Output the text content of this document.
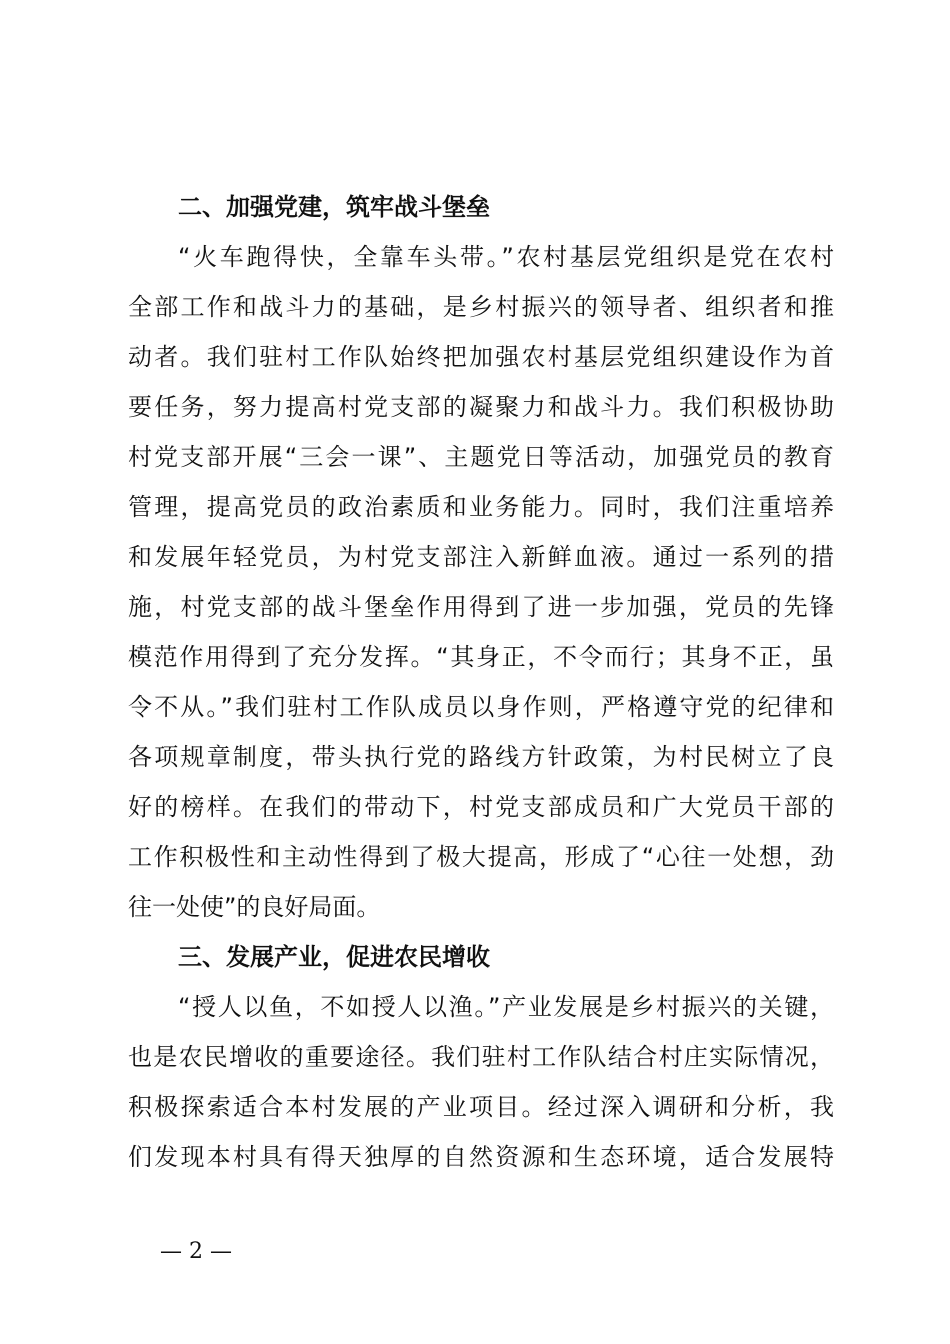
二、加强党建，筑牢战斗堡垒
“火车跑得快，全靠车头带。”农村基层党组织是党在农村
全部工作和战斗力的基础，是乡村振兴的领导者、组织者和推
动者。我们驻村工作队始终把加强农村基层党组织建设作为首
要任务，努力提高村党支部的凝聚力和战斗力。我们积极协助
村党支部开展“三会一课”、主题党日等活动，加强党员的教育
管理，提高党员的政治素质和业务能力。同时，我们注重培养
和发展年轻党员，为村党支部注入新鲜血液。通过一系列的措
施，村党支部的战斗堡垒作用得到了进一步加强，党员的先锋
模范作用得到了充分发挥。“其身正，不令而行；其身不正，虽
令不从。”我们驻村工作队成员以身作则，严格遵守党的纪律和
各项规章制度，带头执行党的路线方针政策，为村民树立了良
好的榜样。在我们的带动下，村党支部成员和广大党员干部的
工作积极性和主动性得到了极大提高，形成了“心往一处想，劲
往一处使”的良好局面。
三、发展产业，促进农民增收
“授人以鱼，不如授人以渔。”产业发展是乡村振兴的关键，
也是农民增收的重要途径。我们驻村工作队结合村庄实际情况，
积极探索适合本村发展的产业项目。经过深入调研和分析，我
们发现本村具有得天独厚的自然资源和生态环境，适合发展特
— 2 —
